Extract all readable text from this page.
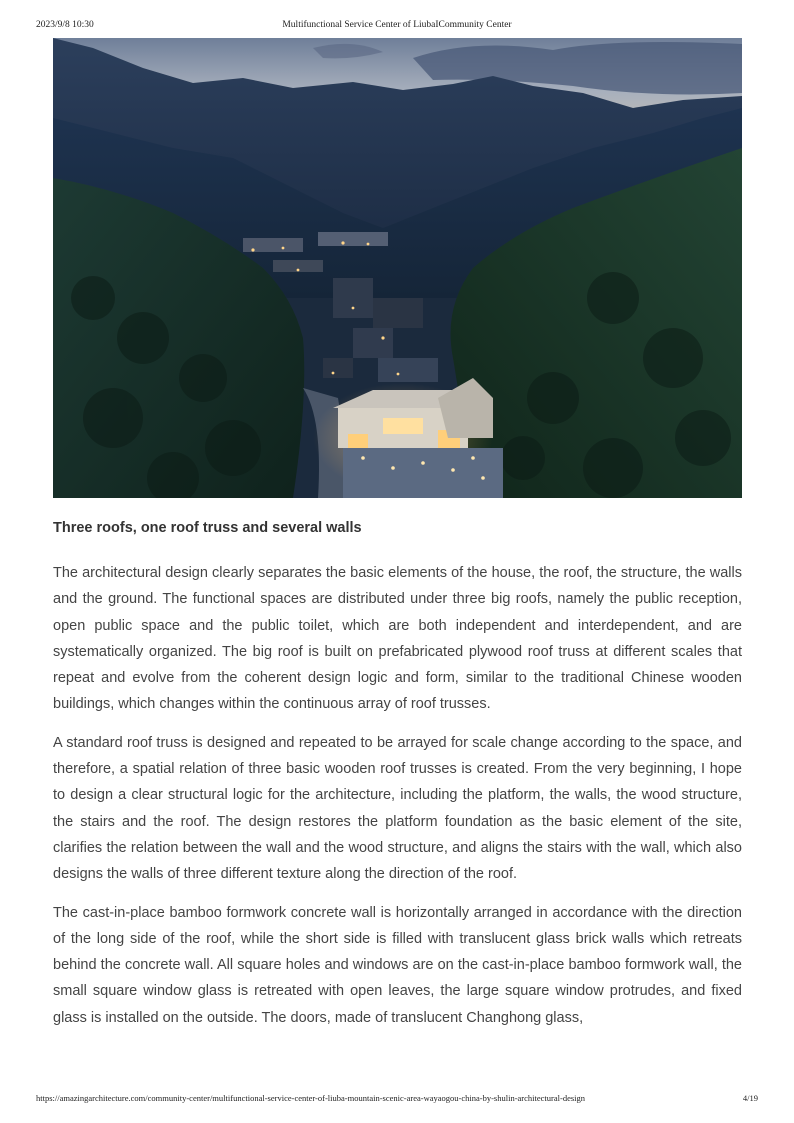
2023/9/8 10:30	Multifunctional Service Center of LiubaICommunity Center
Three roofs, one roof truss and several walls

The architectural design clearly separates the basic elements of the house, the roof, the structure, the walls and the ground. The functional spaces are distributed under three big roofs, namely the public reception, open public space and the public toilet, which are both independent and interdependent, and are systematically organized. The big roof is built on prefabricated plywood roof truss at different scales that repeat and evolve from the coherent design logic and form, similar to the traditional Chinese wooden buildings, which changes within the continuous array of roof trusses.

A standard roof truss is designed and repeated to be arrayed for scale change according to the space, and therefore, a spatial relation of three basic wooden roof trusses is created. From the very beginning, I hope to design a clear structural logic for the architecture, including the platform, the walls, the wood structure, the stairs and the roof. The design restores the platform foundation as the basic element of the site, clarifies the relation between the wall and the wood structure, and aligns the stairs with the wall, which also designs the walls of three different texture along the direction of the roof.

The cast-in-place bamboo formwork concrete wall is horizontally arranged in accordance with the direction of the long side of the roof, while the short side is filled with translucent glass brick walls which retreats behind the concrete wall. All square holes and windows are on the cast-in-place bamboo formwork wall, the small square window glass is retreated with open leaves, the large square window protrudes, and fixed glass is installed on the outside. The doors, made of translucent Changhong glass,

https://amazingarchitecture.com/community-center/multifunctional-service-center-of-liuba-mountain-scenic-area-wayaogou-china-by-shulin-architectural-design	4/19
